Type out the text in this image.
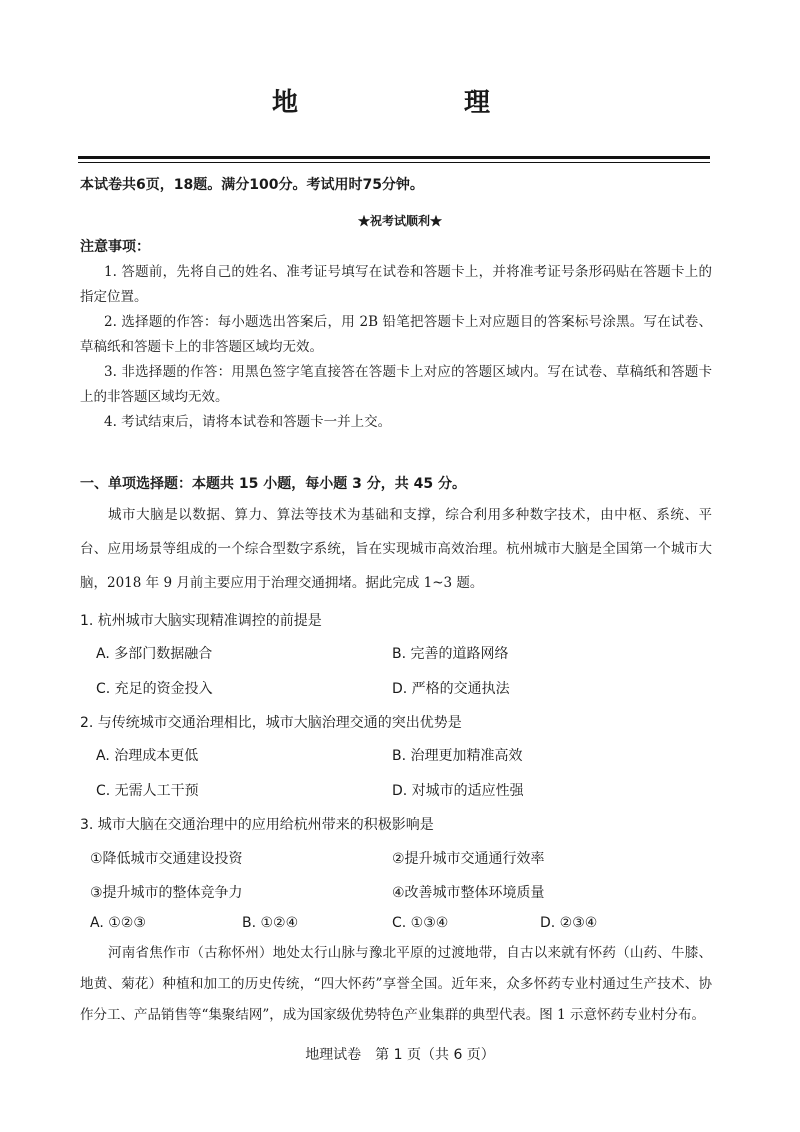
地　　理
本试卷共6页，18题。满分100分。考试用时75分钟。
★祝考试顺利★
注意事项：
1. 答题前，先将自己的姓名、准考证号填写在试卷和答题卡上，并将准考证号条形码贴在答题卡上的指定位置。
2. 选择题的作答：每小题选出答案后，用 2B 铅笔把答题卡上对应题目的答案标号涂黑。写在试卷、草稿纸和答题卡上的非答题区域均无效。
3. 非选择题的作答：用黑色签字笔直接答在答题卡上对应的答题区域内。写在试卷、草稿纸和答题卡上的非答题区域均无效。
4. 考试结束后，请将本试卷和答题卡一并上交。
一、单项选择题：本题共 15 小题，每小题 3 分，共 45 分。
城市大脑是以数据、算力、算法等技术为基础和支撑，综合利用多种数字技术，由中枢、系统、平台、应用场景等组成的一个综合型数字系统，旨在实现城市高效治理。杭州城市大脑是全国第一个城市大脑，2018 年 9 月前主要应用于治理交通拥堵。据此完成 1~3 题。
1. 杭州城市大脑实现精准调控的前提是
A. 多部门数据融合	B. 完善的道路网络
C. 充足的资金投入	D. 严格的交通执法
2. 与传统城市交通治理相比，城市大脑治理交通的突出优势是
A. 治理成本更低	B. 治理更加精准高效
C. 无需人工干预	D. 对城市的适应性强
3. 城市大脑在交通治理中的应用给杭州带来的积极影响是
①降低城市交通建设投资	②提升城市交通通行效率
③提升城市的整体竞争力	④改善城市整体环境质量
A. ①②③	B. ①②④	C. ①③④	D. ②③④
河南省焦作市（古称怀州）地处太行山脉与豫北平原的过渡地带，自古以来就有怀药（山药、牛膝、地黄、菊花）种植和加工的历史传统，“四大怀药”享誉全国。近年来，众多怀药专业村通过生产技术、协作分工、产品销售等“集聚结网”，成为国家级优势特色产业集群的典型代表。图 1 示意怀药专业村分布。
地理试卷　第 1 页（共 6 页）
